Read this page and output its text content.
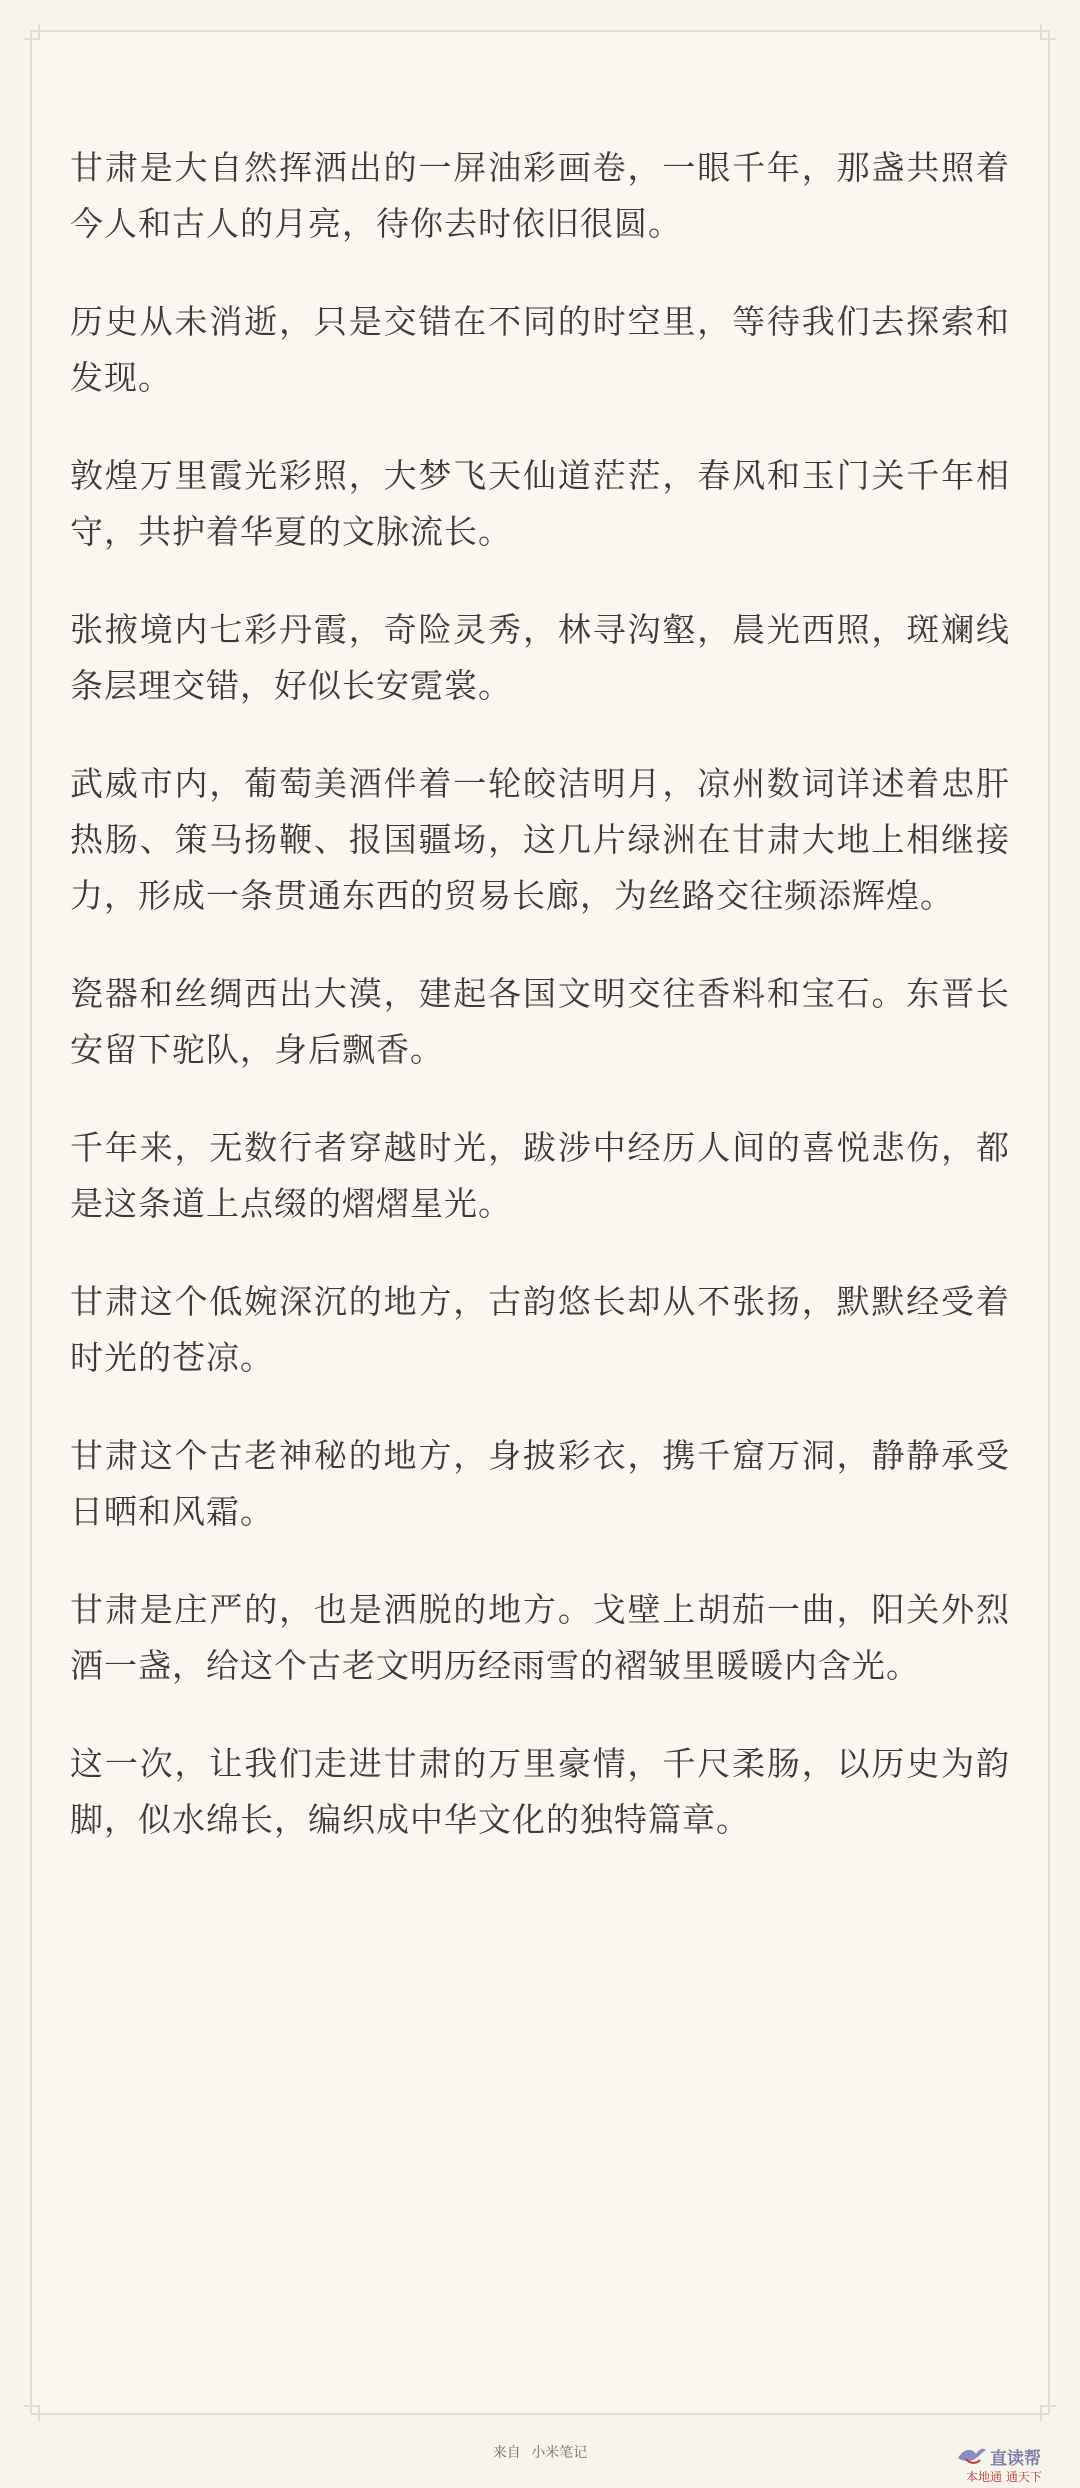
甘肃是大自然挥洒出的一屏油彩画卷，一眼千年，那盏共照着今人和古人的月亮，待你去时依旧很圆。

历史从未消逝，只是交错在不同的时空里，等待我们去探索和发现。

敦煌万里霞光彩照，大梦飞天仙道茫茫，春风和玉门关千年相守，共护着华夏的文脉流长。

张掖境内七彩丹霞，奇险灵秀，林寻沟壑，晨光西照，斑斓线条层理交错，好似长安霓裳。

武威市内，葡萄美酒伴着一轮皎洁明月，凉州数词详述着忠肝热肠、策马扬鞭、报国疆场，这几片绿洲在甘肃大地上相继接力，形成一条贯通东西的贸易长廊，为丝路交往频添辉煌。

瓷器和丝绸西出大漠，建起各国文明交往香料和宝石。东晋长安留下驼队，身后飘香。

千年来，无数行者穿越时光，跋涉中经历人间的喜悦悲伤，都是这条道上点缀的熠熠星光。

甘肃这个低婉深沉的地方，古韵悠长却从不张扬，默默经受着时光的苍凉。

甘肃这个古老神秘的地方，身披彩衣，携千窟万洞，静静承受日晒和风霜。

甘肃是庄严的，也是洒脱的地方。戈壁上胡茄一曲，阳关外烈酒一盏，给这个古老文明历经雨雪的褶皱里暖暖内含光。

这一次，让我们走进甘肃的万里豪情，千尺柔肠，以历史为韵脚，似水绵长，编织成中华文化的独特篇章。

来自 小米笔记	直读帮
本地通 通天下
